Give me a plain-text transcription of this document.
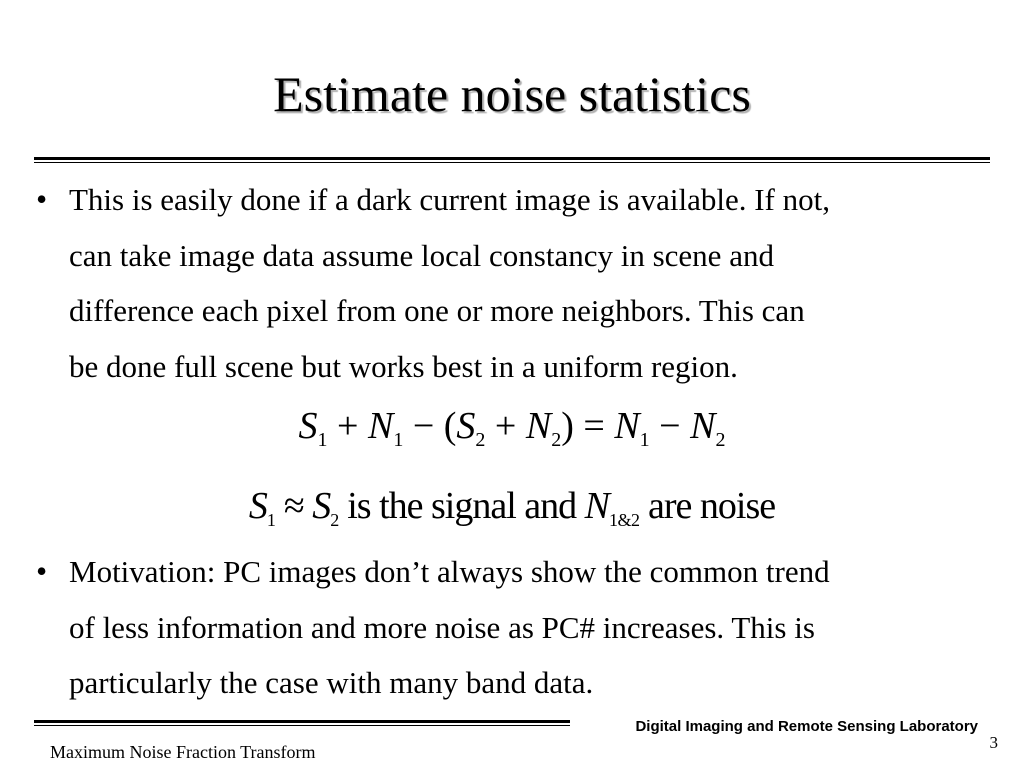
Estimate noise statistics
• This is easily done if a dark current image is available. If not,
can take image data assume local constancy in scene and
difference each pixel from one or more neighbors. This can
be done full scene but works best in a uniform region.
$S_1 + N_1 - (S_2 + N_2) = N_1 - N_2$
$S_1 \approx S_2$ is the signal and $N_{1\&2}$ are noise
• Motivation: PC images don’t always show the common trend
of less information and more noise as PC# increases. This is
particularly the case with many band data.
Digital Imaging and Remote Sensing Laboratory
Maximum Noise Fraction Transform	3
